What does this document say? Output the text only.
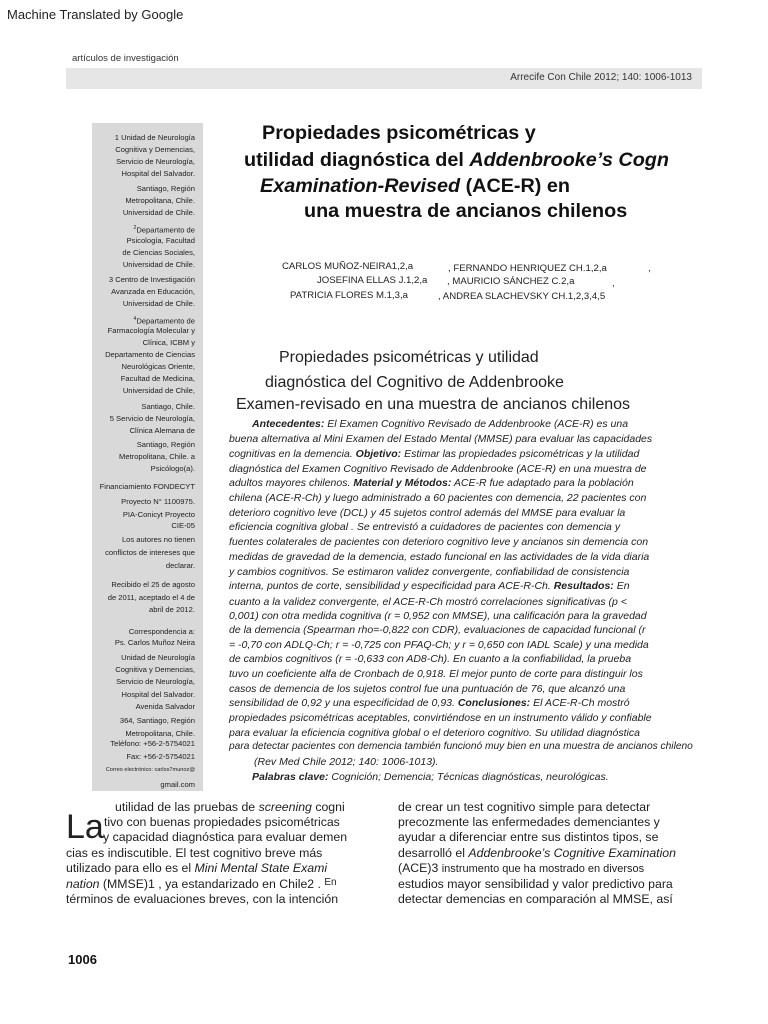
Machine Translated by Google
artículos de investigación
Arrecife Con Chile 2012; 140: 1006-1013
1 Unidad de Neurología
Cognitiva y Demencias,
Servicio de Neurología,
Hospital del Salvador.
Santiago, Región
Metropolitana, Chile.
Universidad de Chile.
$^2$Departamento de
Psicología, Facultad
de Ciencias Sociales,
Universidad de Chile.
3 Centro de Investigación
Avanzada en Educación,
Universidad de Chile.
$^4$Departamento de
Farmacología Molecular y
Clínica, ICBM y
Departamento de Ciencias
Neurológicas Oriente,
Facultad de Medicina,
Universidad de Chile,
Santiago, Chile.
5 Servicio de Neurología,
Clínica Alemana de
Santiago, Región
Metropolitana, Chile. a
Psicólogo(a).
Financiamiento FONDECYT
Proyecto N° 1100975.
PIA-Conicyt Proyecto
CIE-05
Los autores no tienen
conflictos de intereses que
declarar.
Recibido el 25 de agosto
de 2011, aceptado el 4 de
abril de 2012.
Correspondencia a:
Ps. Carlos Muñoz Neira
Unidad de Neurología
Cognitiva y Demencias,
Servicio de Neurología,
Hospital del Salvador.
Avenida Salvador
364, Santiago, Región
Metropolitana, Chile.
Teléfono: +56-2-5754021
Fax: +56-2-5754021
Correo electrónico: carlos7munoz@
gmail.com
Propiedades psicométricas y
utilidad diagnóstica del Addenbrooke’s Cogn
Examination-Revised (ACE-R) en
una muestra de ancianos chilenos
CARLOS MUÑOZ-NEIRA1,2,a	, FERNANDO HENRIQUEZ CH.1,2,a	,
JOSEFINA ELLAS J.1,2,a , MAURICIO SÁNCHEZ C.2,a	,
PATRICIA FLORES M.1,3,a	, ANDREA SLACHEVSKY CH.1,2,3,4,5
Propiedades psicométricas y utilidad
diagnóstica del Cognitivo de Addenbrooke
Examen-revisado en una muestra de ancianos chilenos
Antecedentes: El Examen Cognitivo Revisado de Addenbrooke (ACE-R) es una
buena alternativa al Mini Examen del Estado Mental (MMSE) para evaluar las capacidades
cognitivas en la demencia. Objetivo: Estimar las propiedades psicométricas y la utilidad
diagnóstica del Examen Cognitivo Revisado de Addenbrooke (ACE-R) en una muestra de
adultos mayores chilenos. Material y Métodos: ACE-R fue adaptado para la población
chilena (ACE-R-Ch) y luego administrado a 60 pacientes con demencia, 22 pacientes con
deterioro cognitivo leve (DCL) y 45 sujetos control además del MMSE para evaluar la
eficiencia cognitiva global . Se entrevistó a cuidadores de pacientes con demencia y
fuentes colaterales de pacientes con deterioro cognitivo leve y ancianos sin demencia con
medidas de gravedad de la demencia, estado funcional en las actividades de la vida diaria
y cambios cognitivos. Se estimaron validez convergente, confiabilidad de consistencia
interna, puntos de corte, sensibilidad y especificidad para ACE-R-Ch. Resultados: En
cuanto a la validez convergente, el ACE-R-Ch mostró correlaciones significativas (p <
0,001) con otra medida cognitiva (r = 0,952 con MMSE), una calificación para la gravedad
de la demencia (Spearman rho=-0,822 con CDR), evaluaciones de capacidad funcional (r
= -0,70 con ADLQ-Ch; r = -0,725 con PFAQ-Ch; y r = 0,650 con IADL Scale) y una medida
de cambios cognitivos (r = -0,633 con AD8-Ch). En cuanto a la confiabilidad, la prueba
tuvo un coeficiente alfa de Cronbach de 0,918. El mejor punto de corte para distinguir los
casos de demencia de los sujetos control fue una puntuación de 76, que alcanzó una
sensibilidad de 0,92 y una especificidad de 0,93. Conclusiones: El ACE-R-Ch mostró
propiedades psicométricas aceptables, convirtiéndose en un instrumento válido y confiable
para evaluar la eficiencia cognitiva global o el deterioro cognitivo. Su utilidad diagnóstica
para detectar pacientes con demencia también funcionó muy bien en una muestra de ancianos chileno
(Rev Med Chile 2012; 140: 1006-1013).
Palabras clave: Cognición; Demencia; Técnicas diagnósticas, neurológicas.
La
utilidad de las pruebas de screening cogni
tivo con buenas propiedades psicométricas
y capacidad diagnóstica para evaluar demen
cias es indiscutible. El test cognitivo breve más
utilizado para ello es el Mini Mental State Exami
nation (MMSE)1 , ya estandarizado en Chile2 . $^{En}$
términos de evaluaciones breves, con la intención
de crear un test cognitivo simple para detectar
precozmente las enfermedades demenciantes y
ayudar a diferenciar entre sus distintos tipos, se
desarrolló el Addenbrooke’s Cognitive Examination
(ACE)3 instrumento que ha mostrado en diversos
estudios mayor sensibilidad y valor predictivo para
detectar demencias en comparación al MMSE, así
1006
